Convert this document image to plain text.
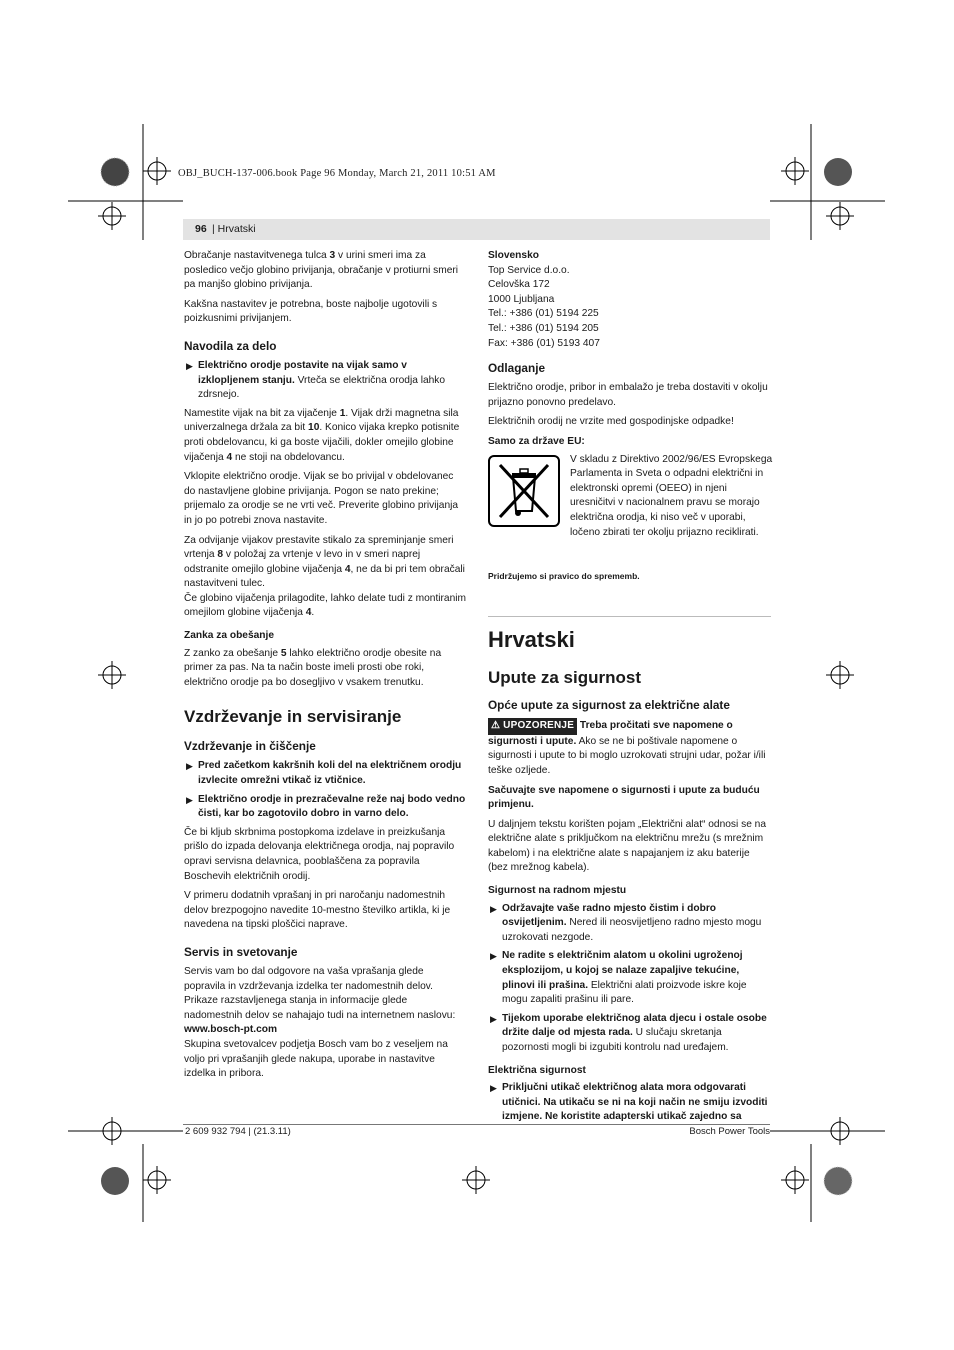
OBJ_BUCH-137-006.book Page 96 Monday, March 21, 2011 10:51 AM
96 | Hrvatski

Obračanje nastavitvenega tulca 3 v urini smeri ima za posledico večjo globino privijanja, obračanje v protiurni smeri pa manjšo globino privijanja.

Kakšna nastavitev je potrebna, boste najbolje ugotovili s poizkusnimi privijanjem.

Navodila za delo
▶ Električno orodje postavite na vijak samo v izklopljenem stanju. Vrteča se električna orodja lahko zdrsnejo.

Namestite vijak na bit za vijačenje 1. Vijak drži magnetna sila univerzalnega držala za bit 10. Konico vijaka krepko potisnite proti obdelovancu, ki ga boste vijačili, dokler omejilo globine vijačenja 4 ne stoji na obdelovancu.

Vklopite električno orodje. Vijak se bo privijal v obdelovanec do nastavljene globine privijanja. Pogon se nato prekine; prijemalo za orodje se ne vrti več. Preverite globino privijanja in jo po potrebi znova nastavite.

Za odvijanje vijakov prestavite stikalo za spreminjanje smeri vrtenja 8 v položaj za vrtenje v levo in v smeri naprej odstranite omejilo globine vijačenja 4, ne da bi pri tem obračali nastavitveni tulec.

Če globino vijačenja prilagodite, lahko delate tudi z montiranim omejilom globine vijačenja 4.

Zanka za obešanje

Z zanko za obešanje 5 lahko električno orodje obesite na primer za pas. Na ta način boste imeli prosti obe roki, električno orodje pa bo dosegljivo v vsakem trenutku.

Vzdrževanje in servisiranje
Vzdrževanje in čiščenje
▶ Pred začetkom kakršnih koli del na električnem orodju izvlecite omrežni vtikač iz vtičnice.
▶ Električno orodje in prezračevalne reže naj bodo vedno čisti, kar bo zagotovilo dobro in varno delo.

Če bi kljub skrbnima postopkoma izdelave in preizkušanja prišlo do izpada delovanja električnega orodja, naj popravilo opravi servisna delavnica, pooblaščena za popravila Boschevih električnih orodij.

V primeru dodatnih vprašanj in pri naročanju nadomestnih delov brezpogojno navedite 10-mestno številko artikla, ki je navedena na tipski ploščici naprave.

Servis in svetovanje

Servis vam bo dal odgovore na vaša vprašanja glede popravila in vzdrževanja izdelka ter nadomestnih delov. Prikaze razstavljenega stanja in informacije glede nadomestnih delov se nahajajo tudi na internetnem naslovu:

www.bosch-pt.com

Skupina svetovalcev podjetja Bosch vam bo z veseljem na voljo pri vprašanjih glede nakupa, uporabe in nastavitve izdelka in pribora.

Slovensko
Top Service d.o.o.
Celovška 172
1000 Ljubljana
Tel.: +386 (01) 5194 225
Tel.: +386 (01) 5194 205
Fax: +386 (01) 5193 407
Odlaganje

Električno orodje, pribor in embalažo je treba dostaviti v okolju prijazno ponovno predelavo.

Električnih orodij ne vrzite med gospodinjske odpadke!

Samo za države EU:
V skladu z Direktivo 2002/96/ES Evropskega Parlamenta in Sveta o odpadni električni in elektronski opremi (OEEO) in njeni uresničitvi v nacionalnem pravu se morajo električna orodja, ki niso več v uporabi, ločeno zbirati ter okolju prijazno reciklirati.
Pridržujemo si pravico do sprememb.
Hrvatski
Upute za sigurnost
Opće upute za sigurnost za električne alate

⚠ UPOZORENJE Treba pročitati sve napomene o sigurnosti i upute. Ako se ne bi poštivale napomene o sigurnosti i upute to bi moglo uzrokovati strujni udar, požar i/ili teške ozljede.

Sačuvajte sve napomene o sigurnosti i upute za buduću primjenu.

U daljnjem tekstu korišten pojam „Električni alat“ odnosi se na električne alate s priključkom na električnu mrežu (s mrežnim kabelom) i na električne alate s napajanjem iz aku baterije (bez mrežnog kabela).

Sigurnost na radnom mjestu
▶ Održavajte vaše radno mjesto čistim i dobro osvijetljenim. Nered ili neosvijetljeno radno mjesto mogu uzrokovati nezgode.
▶ Ne radite s električnim alatom u okolini ugroženoj eksplozijom, u kojoj se nalaze zapaljive tekućine, plinovi ili prašina. Električni alati proizvode iskre koje mogu zapaliti prašinu ili pare.
▶ Tijekom uporabe električnog alata djecu i ostale osobe držite dalje od mjesta rada. U slučaju skretanja pozornosti mogli bi izgubiti kontrolu nad uređajem.
Električna sigurnost
▶ Priključni utikač električnog alata mora odgovarati utičnici. Na utikaču se ni na koji način ne smiju izvoditi izmjene. Ne koristite adapterski utikač zajedno sa
2 609 932 794 | (21.3.11)	Bosch Power Tools
